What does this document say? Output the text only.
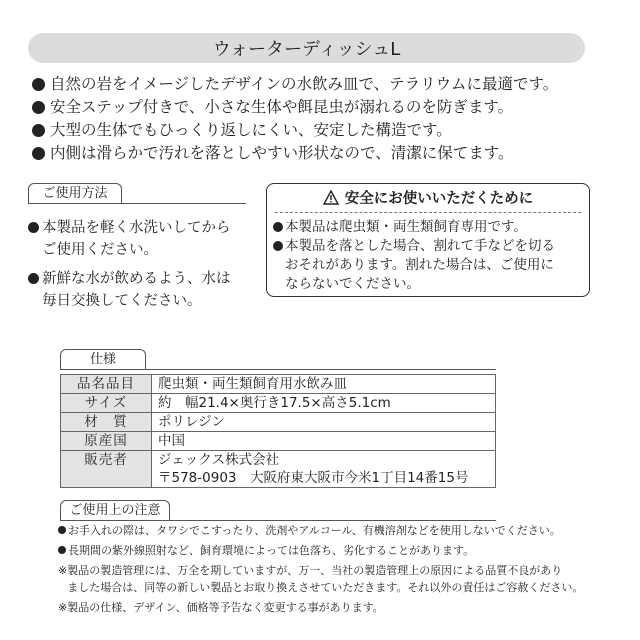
ウォーターディッシュL
自然の岩をイメージしたデザインの水飲み皿で、テラリウムに最適です。
安全ステップ付きで、小さな生体や餌昆虫が溺れるのを防ぎます。
大型の生体でもひっくり返しにくい、安定した構造です。
内側は滑らかで汚れを落としやすい形状なので、清潔に保てます。
ご使用方法
本製品を軽く水洗いしてから
ご使用ください。
新鮮な水が飲めるよう、水は
毎日交換してください。
安全にお使いいただくために
本製品は爬虫類・両生類飼育専用です。
本製品を落とした場合、割れて手などを切る
おそれがあります。割れた場合は、ご使用に
ならないでください。
仕様
品名品目	爬虫類・両生類飼育用水飲み皿

サイズ	約　幅21.4×奥行き17.5×高さ5.1cm

材　質	ポリレジン

原産国	中国

販売者	ジェックス株式会社
〒578-0903　大阪府東大阪市今米1丁目14番15号
ご使用上の注意
お手入れの際は、タワシでこすったり、洗剤やアルコール、有機溶剤などを使用しないでください。
長期間の紫外線照射など、飼育環境によっては色落ち、劣化することがあります。
※ 製品の製造管理には、万全を期していますが、万一、当社の製造管理上の原因による品質不良があり
ました場合は、同等の新しい製品とお取り換えさせていただきます。それ以外の責任はご容赦ください。
※ 製品の仕様、デザイン、価格等予告なく変更する事があります。
